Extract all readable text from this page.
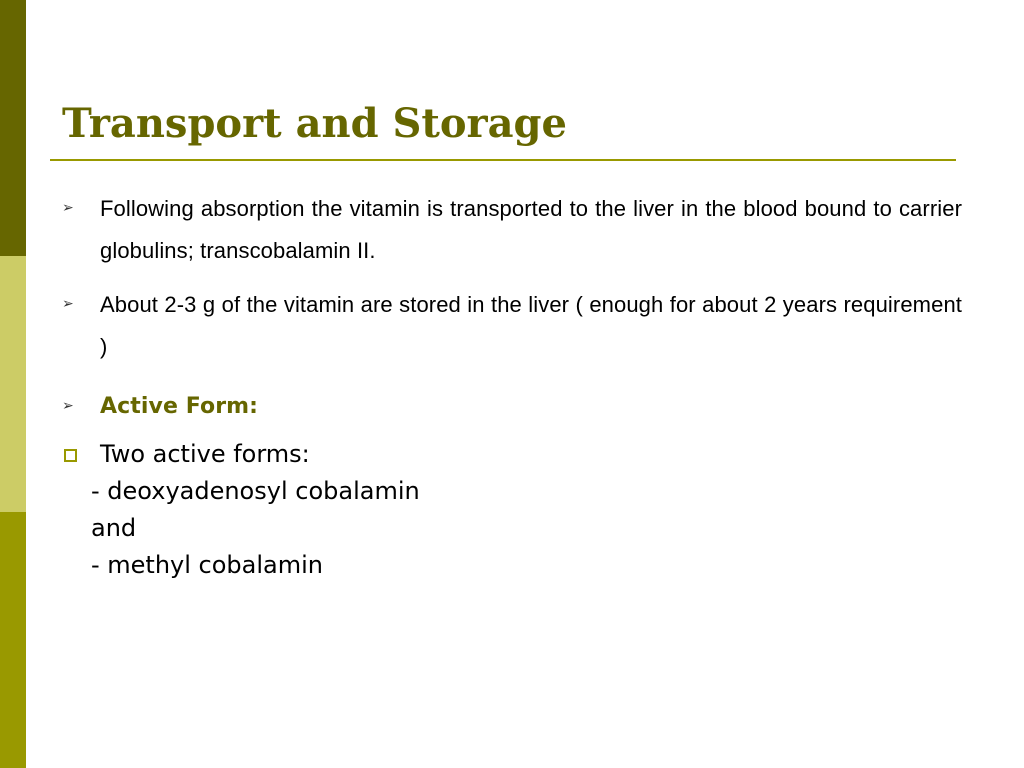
Transport and Storage
➢ Following absorption the vitamin is transported to the liver in the blood bound to carrier globulins; transcobalamin II.
➢ About 2-3 g of the vitamin are stored in the liver ( enough for about 2 years requirement )
➢ Active Form:
Two active forms:
- deoxyadenosyl cobalamin
and
- methyl cobalamin
